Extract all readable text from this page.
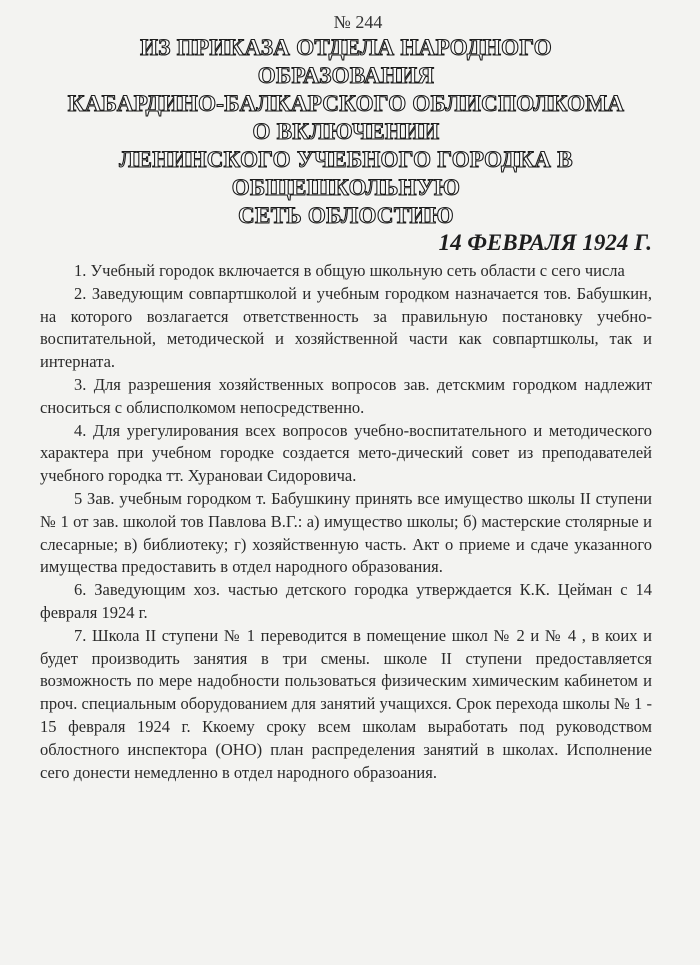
№ 244
ИЗ ПРИКАЗА ОТДЕЛА НАРОДНОГО
ОБРАЗОВАНИЯ
КАБАРДИНО-БАЛКАРСКОГО ОБЛИСПОЛКОМА
О ВКЛЮЧЕНИИ
ЛЕНИНСКОГО УЧЕБНОГО ГОРОДКА В
ОБЩЕШКОЛЬНУЮ
СЕТЬ ОБЛОСТИЮ
14 ФЕВРАЛЯ 1924 Г.

1. Учебный городок включается в общую школьную сеть области с сего числа

2. Заведующим совпартшколой и учебным городком назначается тов. Бабушкин, на которого возлагается ответственность за правильную постановку учебно-воспитательной, методической и хозяйственной части как совпартшколы, так и интерната.

3. Для разрешения хозяйственных вопросов зав. детскмим городком надлежит сноситься с облисполкомом непосредственно.

4. Для урегулирования всех вопросов учебно-воспитательного и методического характера при учебном городке создается мето-дический совет из преподавателей учебного городка тт. Хурановаи Сидоровича.

5 Зав. учебным городком т. Бабушкину принять все имущество школы II ступени № 1 от зав. школой тов Павлова В.Г.: а) имущество школы; б) мастерские столярные и слесарные; в) библиотеку; г) хозяйственную часть. Акт о приеме и сдаче указанного имущества предоставить в отдел народного образования.

6. Заведующим хоз. частью детского городка утверждается К.К. Цейман с 14 февраля 1924 г.

7. Школа II ступени № 1 переводится в помещение школ № 2 и № 4 , в коих и будет производить занятия в три смены. школе II ступени предоставляется возможность по мере надобности пользоваться физическим химическим кабинетом и проч. специальным оборудованием для занятий учащихся. Срок перехода школы № 1 - 15 февраля 1924 г. Ккоему сроку всем школам выработать под руководством облостного инспектора (ОНО) план распределения занятий в школах. Исполнение сего донести немедленно в отдел народного образоания.
